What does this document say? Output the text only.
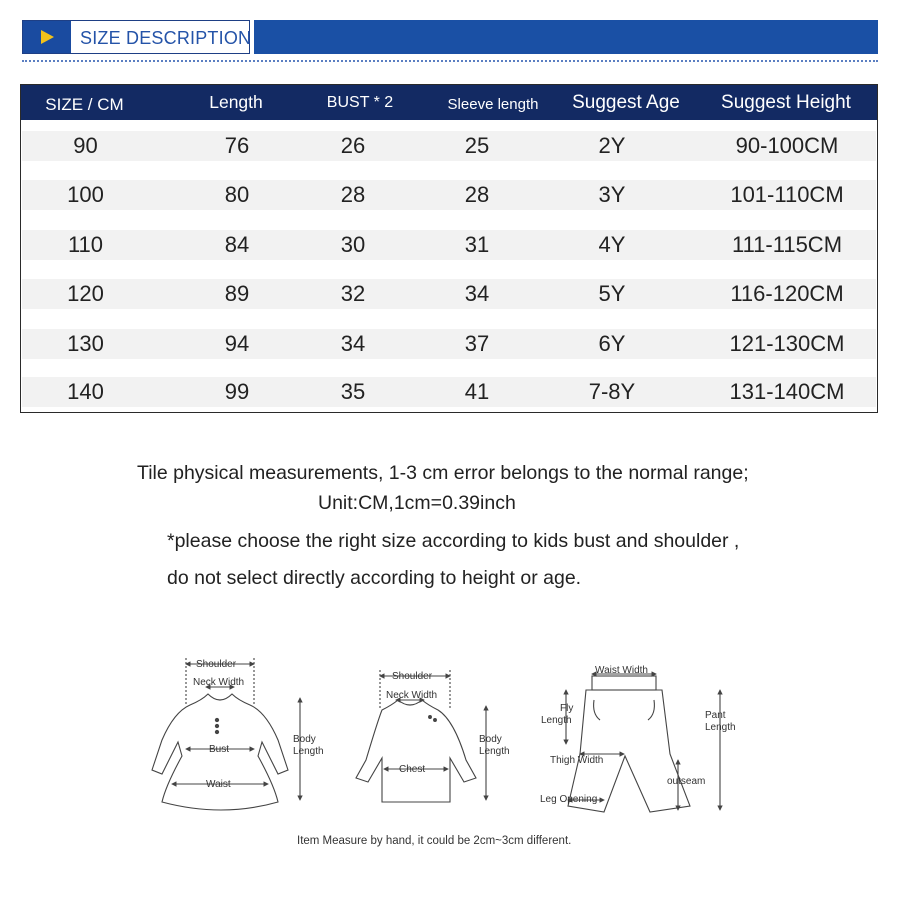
SIZE DESCRIPTION
SIZE / CM	Length	BUST * 2	Sleeve length	Suggest Age	Suggest Height
90	76	26	25	2Y	90-100CM
100	80	28	28	3Y	101-110CM
110	84	30	31	4Y	111-115CM
120	89	32	34	5Y	116-120CM
130	94	34	37	6Y	121-130CM
140	99	35	41	7-8Y	131-140CM
Tile physical measurements, 1-3 cm error belongs to the normal range;
Unit:CM,1cm=0.39inch
*please choose the right size according to kids bust and shoulder ,
do not select directly according to height or age.
Shoulder
Neck Width
Bust
Waist
Body
Length
Shoulder
Neck Width
Chest
Body
Length
Waist Width
Fly
Length
Thigh Width
Leg Opening
outseam
Pant
Length
Item Measure by hand, it could be 2cm~3cm different.
